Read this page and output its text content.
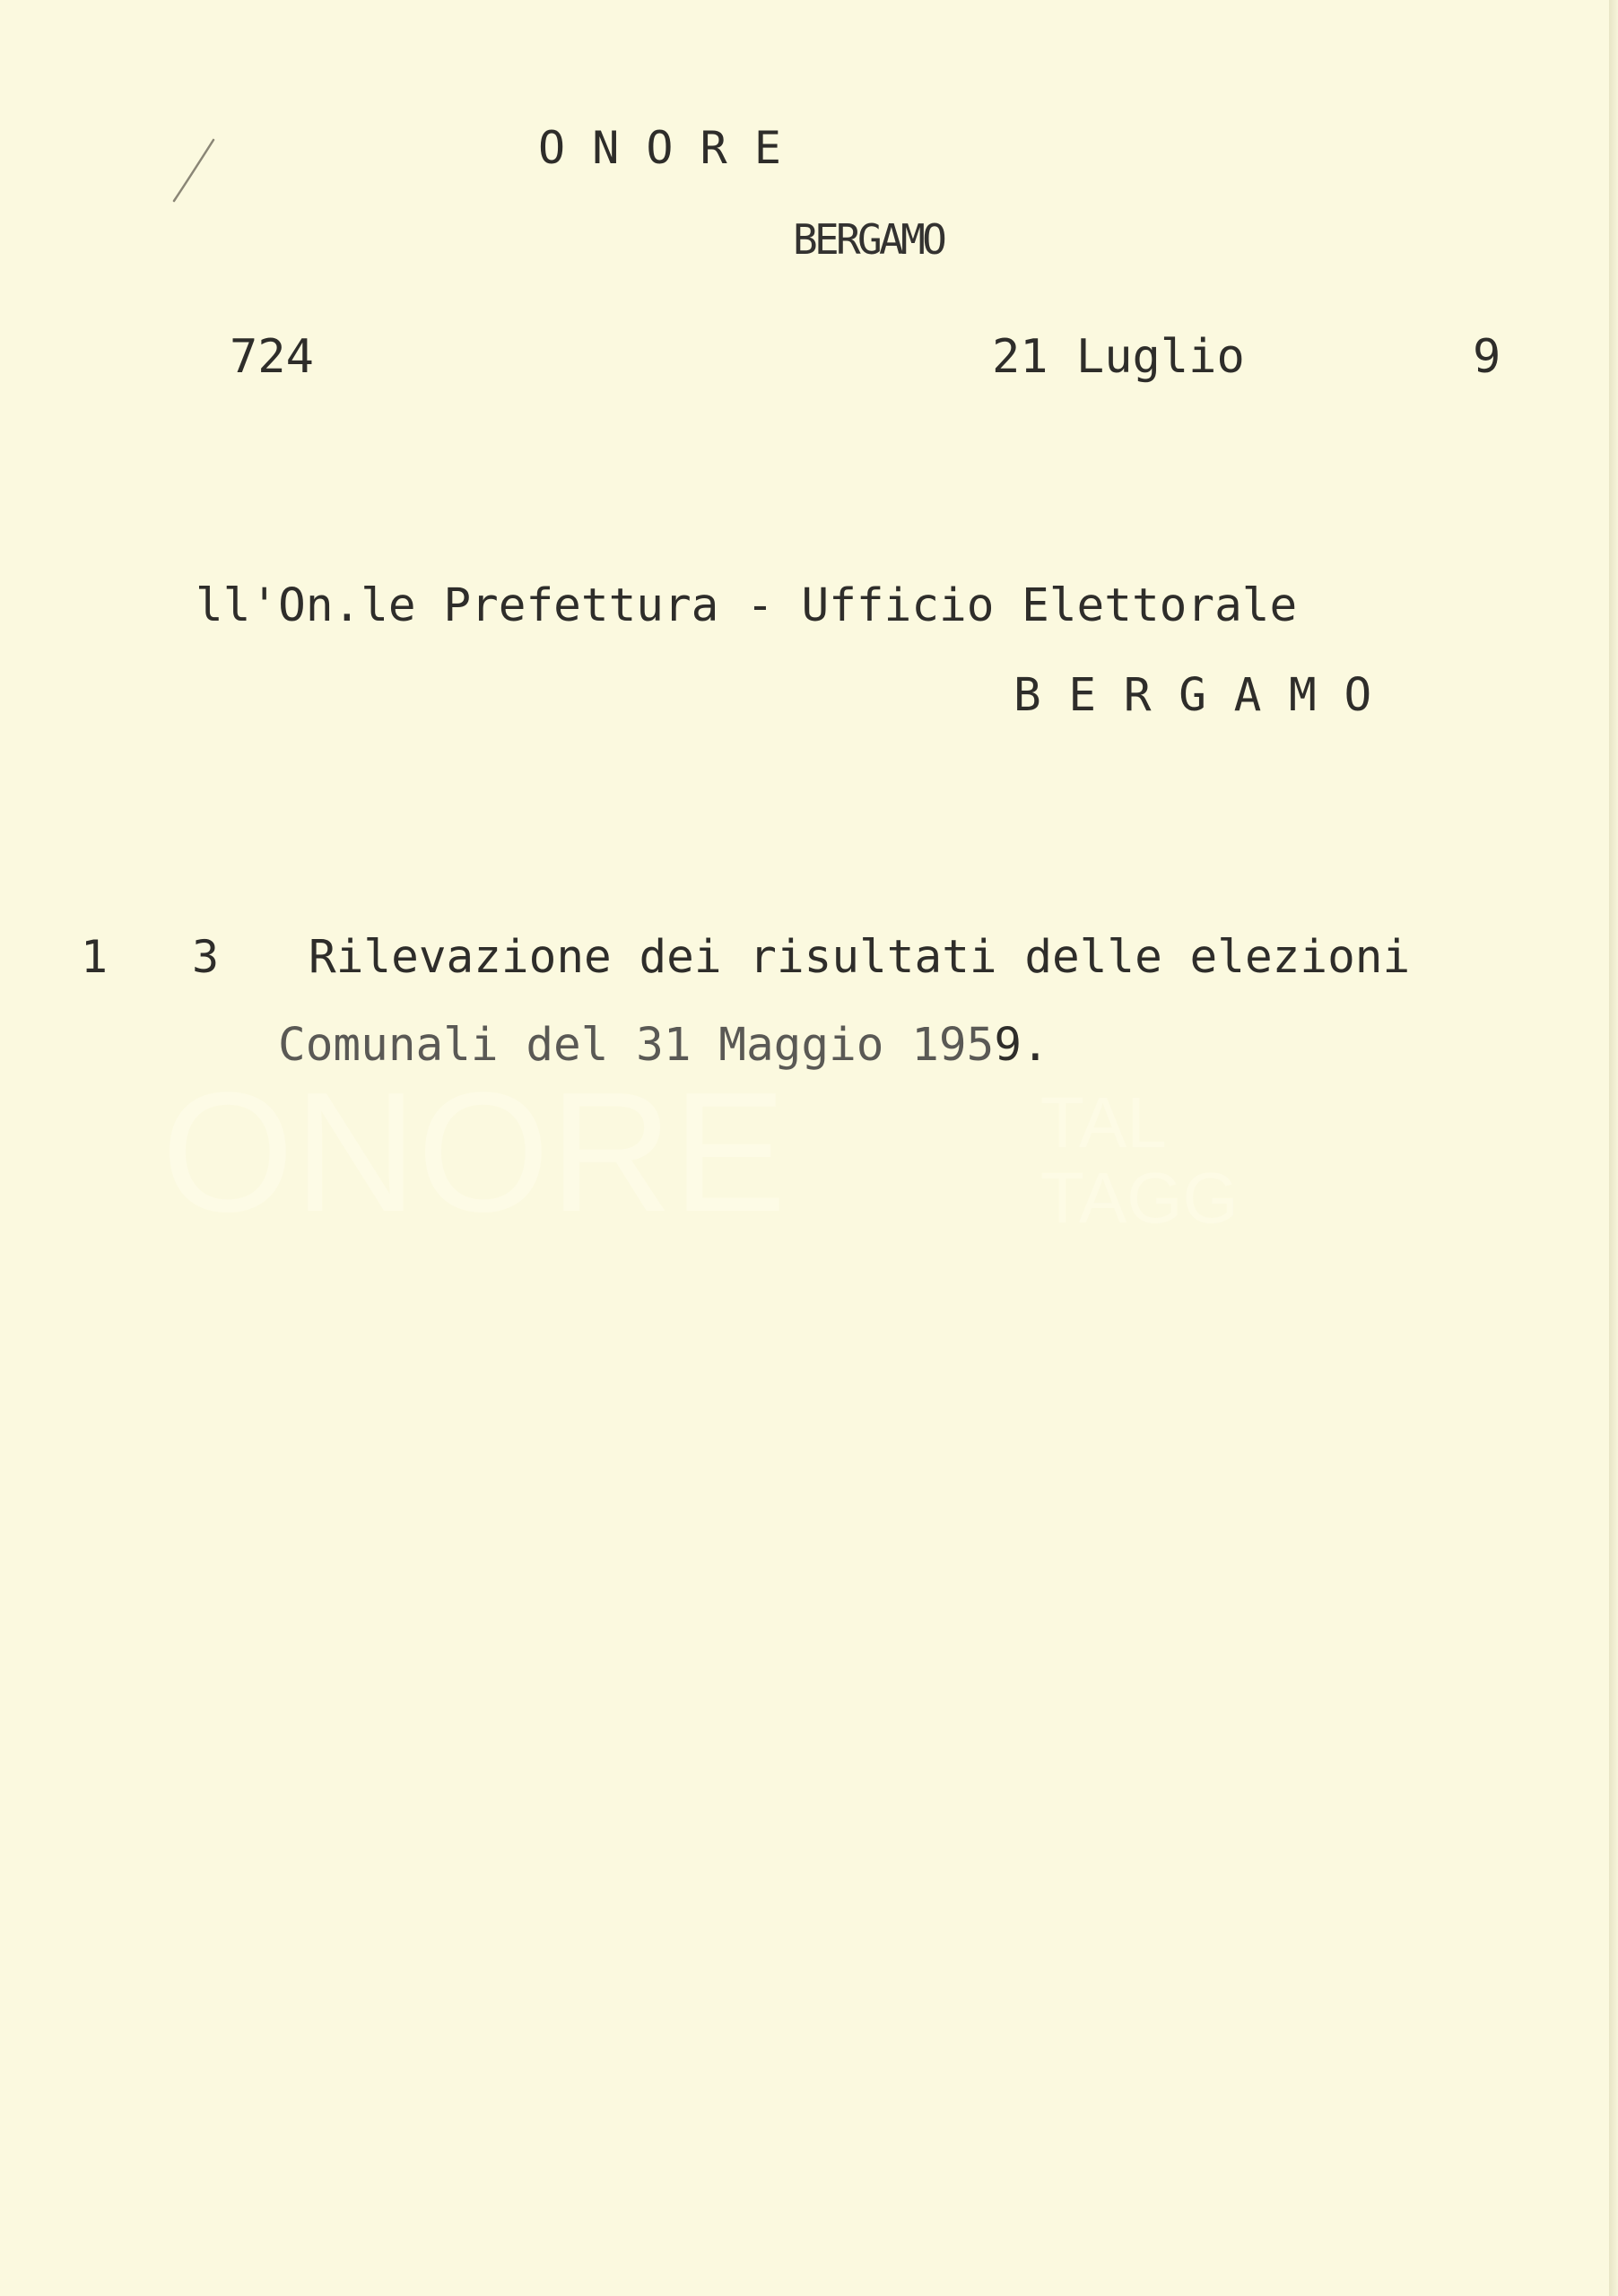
ONORE	TAL
TAGG
O N O R E
BERGAMO
724	21 Luglio	9
ll'On.le Prefettura - Ufficio Elettorale
B E R G A M O
1 3 Rilevazione dei risultati delle elezioni
Comunali del 31 Maggio 1959.
